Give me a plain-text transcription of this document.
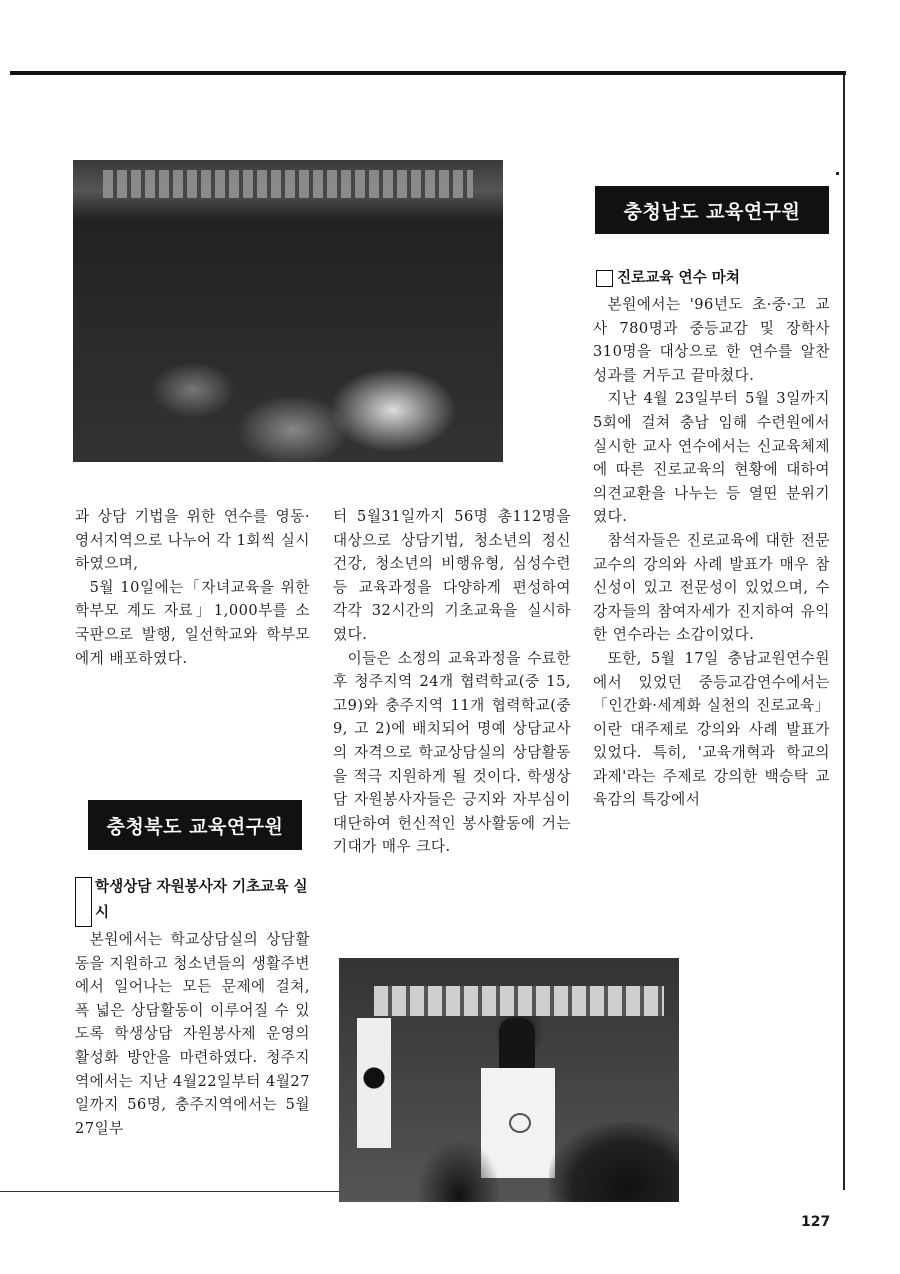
충청남도 교육연구원
진로교육 연수 마쳐

본원에서는 '96년도 초·중·고 교사 780명과 중등교감 및 장학사 310명을 대상으로 한 연수를 알찬 성과를 거두고 끝마쳤다.

지난 4월 23일부터 5월 3일까지 5회에 걸쳐 충남 임해 수련원에서 실시한 교사 연수에서는 신교육체제에 따른 진로교육의 현황에 대하여 의견교환을 나누는 등 열띤 분위기였다.

참석자들은 진로교육에 대한 전문 교수의 강의와 사례 발표가 매우 참신성이 있고 전문성이 있었으며, 수강자들의 참여자세가 진지하여 유익한 연수라는 소감이었다.

또한, 5월 17일 충남교원연수원에서 있었던 중등교감연수에서는「인간화·세계화 실천의 진로교육」이란 대주제로 강의와 사례 발표가 있었다. 특히, '교육개혁과 학교의 과제'라는 주제로 강의한 백승탁 교육감의 특강에서

과 상담 기법을 위한 연수를 영동·영서지역으로 나누어 각 1회씩 실시하였으며,

5월 10일에는「자녀교육을 위한 학부모 계도 자료」1,000부를 소국판으로 발행, 일선학교와 학부모에게 배포하였다.

터 5월31일까지 56명 총112명을 대상으로 상담기법, 청소년의 정신건강, 청소년의 비행유형, 심성수련 등 교육과정을 다양하게 편성하여 각각 32시간의 기초교육을 실시하였다.

이들은 소정의 교육과정을 수료한 후 청주지역 24개 협력학교(중 15, 고9)와 충주지역 11개 협력학교(중 9, 고 2)에 배치되어 명예 상담교사의 자격으로 학교상담실의 상담활동을 적극 지원하게 될 것이다. 학생상담 자원봉사자들은 긍지와 자부심이 대단하여 헌신적인 봉사활동에 거는 기대가 매우 크다.

충청북도 교육연구원
학생상담 자원봉사자 기초교육 실시

본원에서는 학교상담실의 상담활동을 지원하고 청소년들의 생활주변에서 일어나는 모든 문제에 걸쳐, 폭 넓은 상담활동이 이루어질 수 있도록 학생상담 자원봉사제 운영의 활성화 방안을 마련하였다. 청주지역에서는 지난 4월22일부터 4월27일까지 56명, 충주지역에서는 5월27일부

127
